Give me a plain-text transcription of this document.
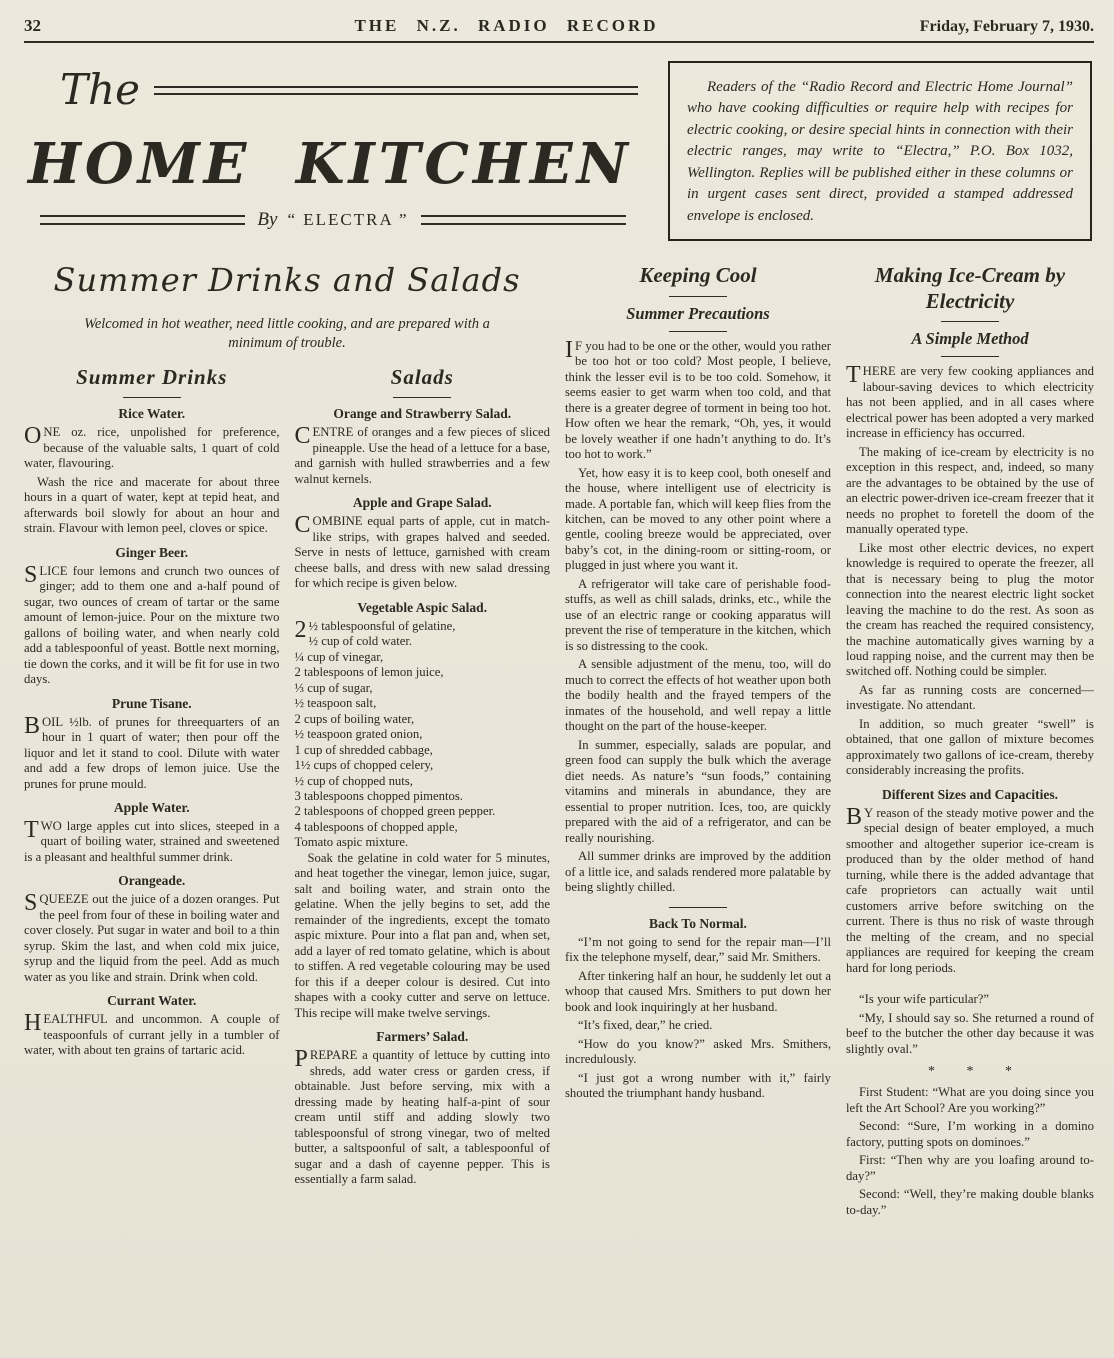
32	THE N.Z. RADIO RECORD	Friday, February 7, 1930.
The
HOME KITCHEN
By “ ELECTRA ”

Readers of the “Radio Record and Electric Home Journal” who have cooking difficulties or require help with recipes for electric cooking, or desire special hints in connection with their electric ranges, may write to “Electra,” P.O. Box 1032, Wellington. Replies will be published either in these columns or in urgent cases sent direct, provided a stamped addressed envelope is enclosed.

Summer Drinks and Salads

Welcomed in hot weather, need little cooking, and are prepared with a minimum of trouble.

Summer Drinks
Rice Water.

ONE oz. rice, unpolished for preference, because of the valuable salts, 1 quart of cold water, flavouring.

Wash the rice and macerate for about three hours in a quart of water, kept at tepid heat, and afterwards boil slowly for about an hour and strain. Flavour with lemon peel, cloves or spice.

Ginger Beer.

SLICE four lemons and crunch two ounces of ginger; add to them one and a-half pound of sugar, two ounces of cream of tartar or the same amount of lemon-juice. Pour on the mixture two gallons of boiling water, and when nearly cold add a tablespoonful of yeast. Bottle next morning, tie down the corks, and it will be fit for use in two days.

Prune Tisane.

BOIL ½lb. of prunes for threequarters of an hour in 1 quart of water; then pour off the liquor and let it stand to cool. Dilute with water and add a few drops of lemon juice. Use the prunes for prune mould.

Apple Water.

TWO large apples cut into slices, steeped in a quart of boiling water, strained and sweetened is a pleasant and healthful summer drink.

Orangeade.

SQUEEZE out the juice of a dozen oranges. Put the peel from four of these in boiling water and cover closely. Put sugar in water and boil to a thin syrup. Skim the last, and when cold mix juice, syrup and the liquid from the peel. Add as much water as you like and strain. Drink when cold.

Currant Water.

HEALTHFUL and uncommon. A couple of teaspoonfuls of currant jelly in a tumbler of water, with about ten grains of tartaric acid.

Salads
Orange and Strawberry Salad.

CENTRE of oranges and a few pieces of sliced pineapple. Use the head of a lettuce for a base, and garnish with hulled strawberries and a few walnut kernels.

Apple and Grape Salad.

COMBINE equal parts of apple, cut in match-like strips, with grapes halved and seeded. Serve in nests of lettuce, garnished with cream cheese balls, and dress with new salad dressing for which recipe is given below.

Vegetable Aspic Salad.
2½ tablespoonsful of gelatine,
½ cup of cold water.
¼ cup of vinegar,
2 tablespoons of lemon juice,
⅓ cup of sugar,
½ teaspoon salt,
2 cups of boiling water,
½ teaspoon grated onion,
1 cup of shredded cabbage,
1½ cups of chopped celery,
½ cup of chopped nuts,
3 tablespoons chopped pimentos.
2 tablespoons of chopped green pepper.
4 tablespoons of chopped apple,
Tomato aspic mixture.

Soak the gelatine in cold water for 5 minutes, and heat together the vinegar, lemon juice, sugar, salt and boiling water, and strain onto the gelatine. When the jelly begins to set, add the remainder of the ingredients, except the tomato aspic mixture. Pour into a flat pan and, when set, add a layer of red tomato gelatine, which is about to stiffen. A red vegetable colouring may be used for this if a deeper colour is desired. Cut into shapes with a cooky cutter and serve on lettuce. This recipe will make twelve servings.

Farmers’ Salad.

PREPARE a quantity of lettuce by cutting into shreds, add water cress or garden cress, if obtainable. Just before serving, mix with a dressing made by heating half-a-pint of sour cream until stiff and adding slowly two tablespoonsful of strong vinegar, two of melted butter, a saltspoonful of salt, a tablespoonful of sugar and a dash of cayenne pepper. This is essentially a farm salad.

Keeping Cool
Summer Precautions

IF you had to be one or the other, would you rather be too hot or too cold? Most people, I believe, think the lesser evil is to be too cold. Somehow, it seems easier to get warm when too cold, and that there is a greater degree of torment in being too hot. How often we hear the remark, “Oh, yes, it would be lovely weather if one hadn’t anything to do. It’s too hot to work.”

Yet, how easy it is to keep cool, both oneself and the house, where intelligent use of electricity is made. A portable fan, which will keep flies from the kitchen, can be moved to any other point where a gentle, cooling breeze would be appreciated, over baby’s cot, in the dining-room or sitting-room, or plugged in just where you want it.

A refrigerator will take care of perishable food-stuffs, as well as chill salads, drinks, etc., while the use of an electric range or cooking apparatus will prevent the rise of temperature in the kitchen, which is so distressing to the cook.

A sensible adjustment of the menu, too, will do much to correct the effects of hot weather upon both the bodily health and the frayed tempers of the inmates of the household, and well repay a little thought on the part of the house-keeper.

In summer, especially, salads are popular, and green food can supply the bulk which the average diet needs. As nature’s “sun foods,” containing vitamins and minerals in abundance, they are essential to proper nutrition. Ices, too, are quickly prepared with the aid of a refrigerator, and can be really nourishing.

All summer drinks are improved by the addition of a little ice, and salads rendered more palatable by being slightly chilled.

Back To Normal.

“I’m not going to send for the repair man—I’ll fix the telephone myself, dear,” said Mr. Smithers.

After tinkering half an hour, he suddenly let out a whoop that caused Mrs. Smithers to put down her book and look inquiringly at her husband.

“It’s fixed, dear,” he cried.

“How do you know?” asked Mrs. Smithers, incredulously.

“I just got a wrong number with it,” fairly shouted the triumphant handy husband.

Making Ice-Cream by Electricity
A Simple Method

THERE are very few cooking appliances and labour-saving devices to which electricity has not been applied, and in all cases where electrical power has been adopted a very marked increase in efficiency has occurred.

The making of ice-cream by electricity is no exception in this respect, and, indeed, so many are the advantages to be obtained by the use of an electric power-driven ice-cream freezer that it needs no prophet to foretell the doom of the manually operated type.

Like most other electric devices, no expert knowledge is required to operate the freezer, all that is necessary being to plug the motor connection into the nearest electric light socket leaving the machine to do the rest. As soon as the cream has reached the required consistency, the machine automatically gives warning by a loud rapping noise, and the current may then be switched off. Nothing could be simpler.

As far as running costs are concerned—investigate. No attendant.

In addition, so much greater “swell” is obtained, that one gallon of mixture becomes approximately two gallons of ice-cream, thereby considerably increasing the profits.

Different Sizes and Capacities.

BY reason of the steady motive power and the special design of beater employed, a much smoother and altogether superior ice-cream is produced than by the older method of hand turning, while there is the added advantage that cafe proprietors can actually wait until customers arrive before switching on the current. There is thus no risk of waste through the melting of the cream, and no special appliances are required for keeping the cream hard for long periods.

“Is your wife particular?”

“My, I should say so. She returned a round of beef to the butcher the other day because it was slightly oval.”

* * *

First Student: “What are you doing since you left the Art School? Are you working?”

Second: “Sure, I’m working in a domino factory, putting spots on dominoes.”

First: “Then why are you loafing around to-day?”

Second: “Well, they’re making double blanks to-day.”
